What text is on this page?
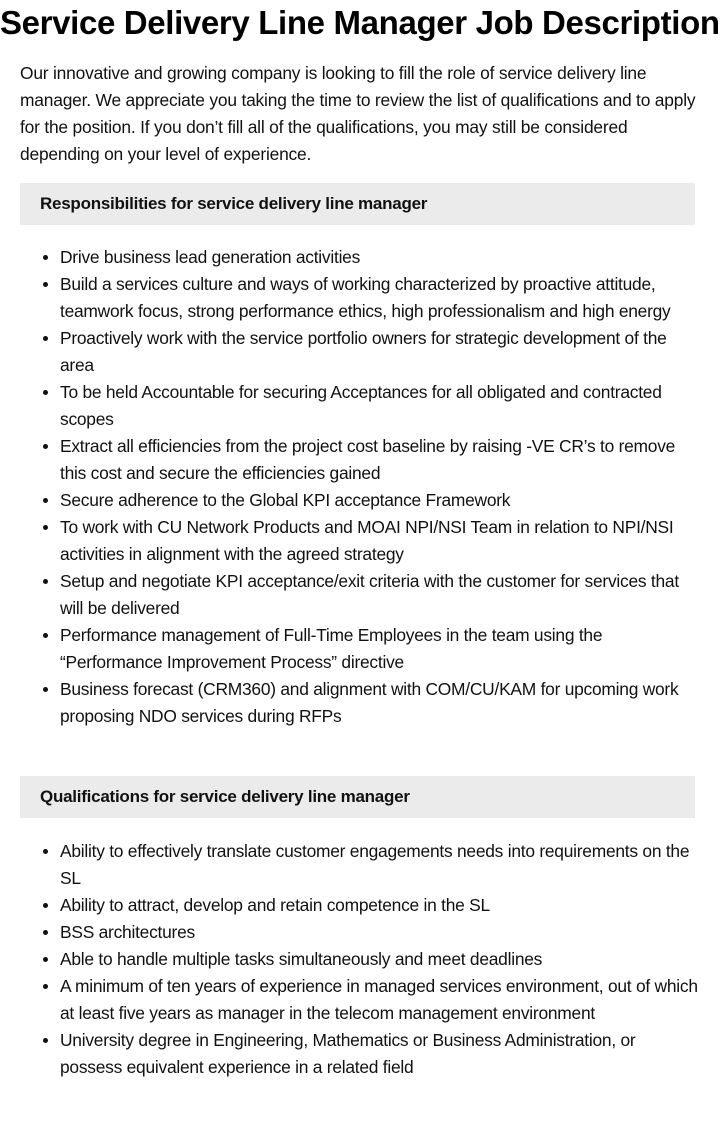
Service Delivery Line Manager Job Description

Our innovative and growing company is looking to fill the role of service delivery line manager. We appreciate you taking the time to review the list of qualifications and to apply for the position. If you don’t fill all of the qualifications, you may still be considered depending on your level of experience.

Responsibilities for service delivery line manager
Drive business lead generation activities
Build a services culture and ways of working characterized by proactive attitude, teamwork focus, strong performance ethics, high professionalism and high energy
Proactively work with the service portfolio owners for strategic development of the area
To be held Accountable for securing Acceptances for all obligated and contracted scopes
Extract all efficiencies from the project cost baseline by raising -VE CR’s to remove this cost and secure the efficiencies gained
Secure adherence to the Global KPI acceptance Framework
To work with CU Network Products and MOAI NPI/NSI Team in relation to NPI/NSI activities in alignment with the agreed strategy
Setup and negotiate KPI acceptance/exit criteria with the customer for services that will be delivered
Performance management of Full-Time Employees in the team using the “Performance Improvement Process” directive
Business forecast (CRM360) and alignment with COM/CU/KAM for upcoming work proposing NDO services during RFPs
Qualifications for service delivery line manager
Ability to effectively translate customer engagements needs into requirements on the SL
Ability to attract, develop and retain competence in the SL
BSS architectures
Able to handle multiple tasks simultaneously and meet deadlines
A minimum of ten years of experience in managed services environment, out of which at least five years as manager in the telecom management environment
University degree in Engineering, Mathematics or Business Administration, or possess equivalent experience in a related field
